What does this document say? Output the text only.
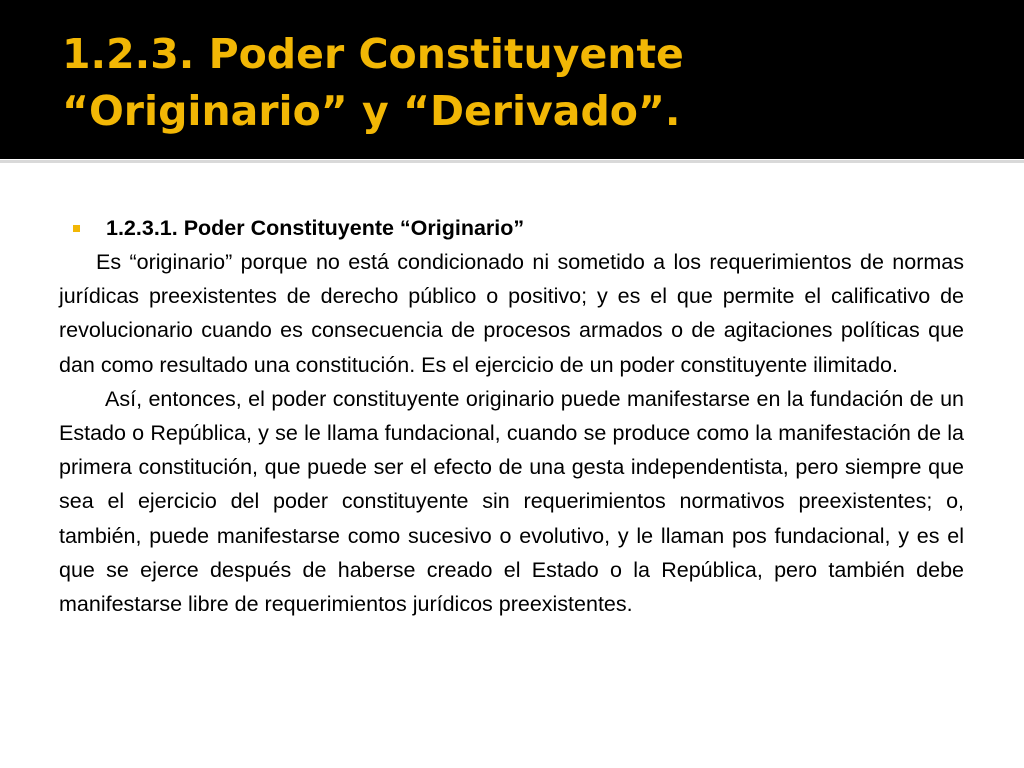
1.2.3. Poder Constituyente
“Originario” y “Derivado”.
1.2.3.1. Poder Constituyente “Originario”

Es “originario” porque no está condicionado ni sometido a los requerimientos de normas jurídicas preexistentes de derecho público o positivo; y es el que permite el calificativo de revolucionario cuando es consecuencia de procesos armados o de agitaciones políticas que dan como resultado una constitución. Es el ejercicio de un poder constituyente ilimitado.

Así, entonces, el poder constituyente originario puede manifestarse en la fundación de un Estado o República, y se le llama fundacional, cuando se produce como la manifestación de la primera constitución, que puede ser el efecto de una gesta independentista, pero siempre que sea el ejercicio del poder constituyente sin requerimientos normativos preexistentes; o, también, puede manifestarse como sucesivo o evolutivo, y le llaman pos fundacional, y es el que se ejerce después de haberse creado el Estado o la República, pero también debe manifestarse libre de requerimientos jurídicos preexistentes.
